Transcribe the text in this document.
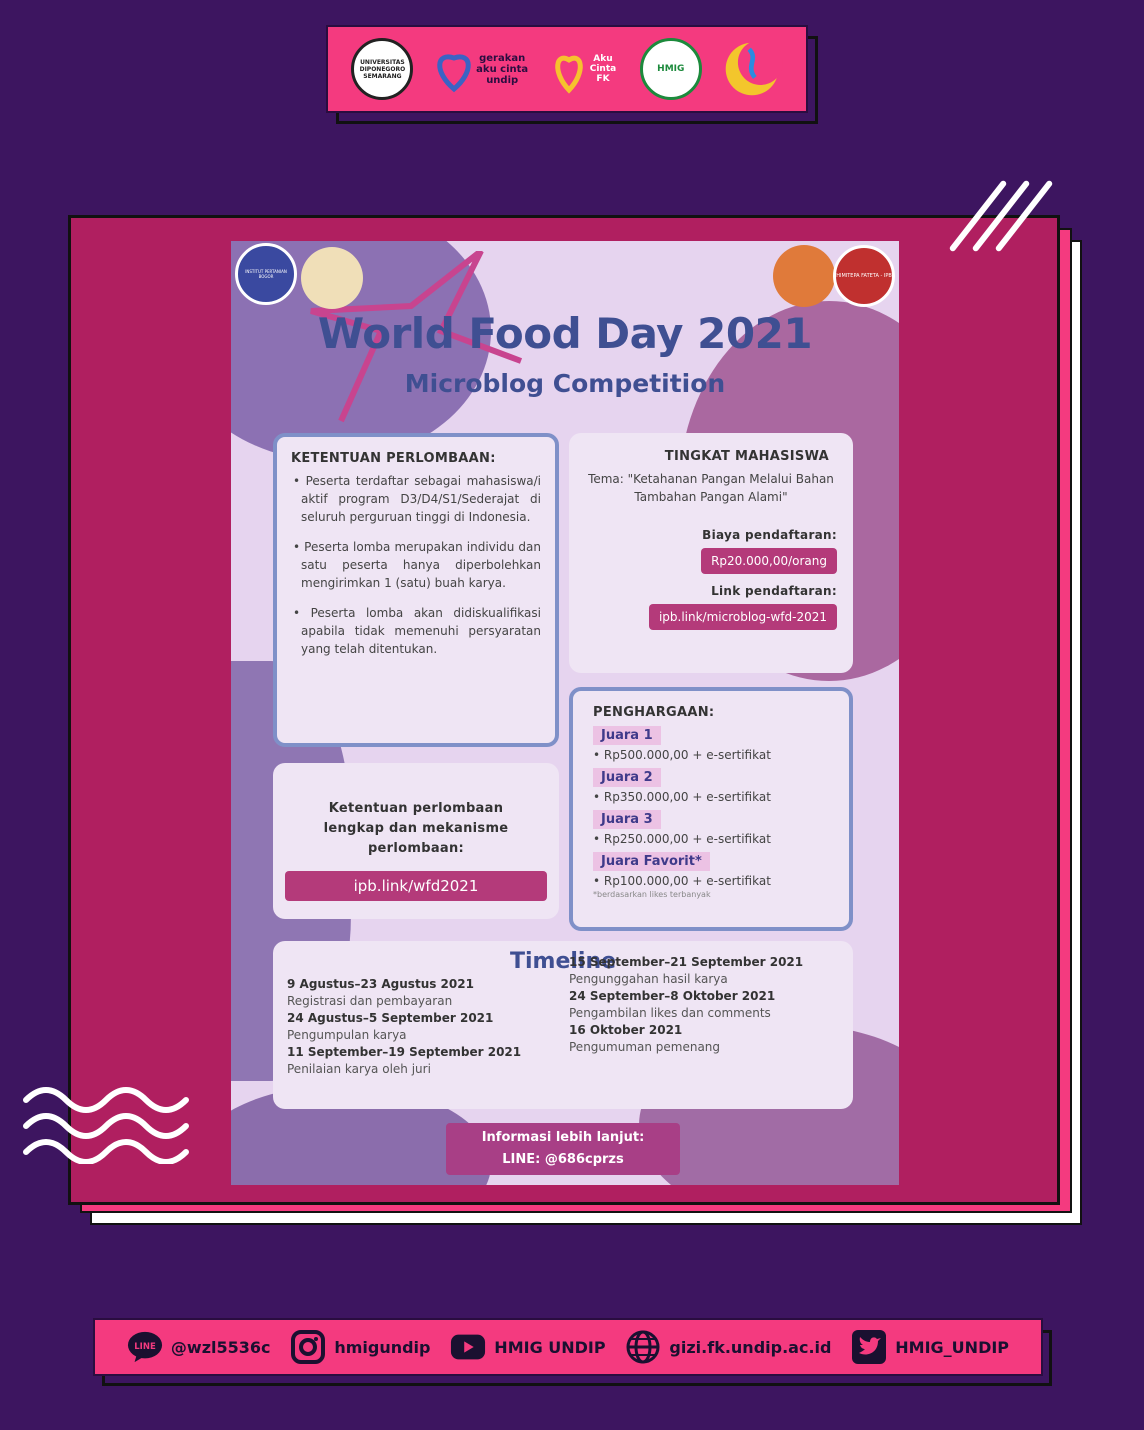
UNIVERSITAS DIPONEGORO SEMARANG
gerakan aku cinta undip
Aku Cinta FK
HMIG
INSTITUT PERTANIAN BOGOR	HIMITEPA FATETA - IPB
World Food Day 2021
Microblog Competition
KETENTUAN PERLOMBAAN:
• Peserta terdaftar sebagai mahasiswa/i aktif program D3/D4/S1/Sederajat di seluruh perguruan tinggi di Indonesia.
• Peserta lomba merupakan individu dan satu peserta hanya diperbolehkan mengirimkan 1 (satu) buah karya.
• Peserta lomba akan didiskualifikasi apabila tidak memenuhi persyaratan yang telah ditentukan.
TINGKAT MAHASISWA
Tema: "Ketahanan Pangan Melalui Bahan Tambahan Pangan Alami"
Biaya pendaftaran:
Rp20.000,00/orang
Link pendaftaran:
ipb.link/microblog-wfd-2021
Ketentuan perlombaan lengkap dan mekanisme perlombaan:
ipb.link/wfd2021
PENGHARGAAN:
Juara 1
• Rp500.000,00 + e-sertifikat
Juara 2
• Rp350.000,00 + e-sertifikat
Juara 3
• Rp250.000,00 + e-sertifikat
Juara Favorit*
• Rp100.000,00 + e-sertifikat
*berdasarkan likes terbanyak
Timeline
9 Agustus–23 Agustus 2021
Registrasi dan pembayaran
24 Agustus–5 September 2021
Pengumpulan karya
11 September–19 September 2021
Penilaian karya oleh juri
15 September–21 September 2021
Pengunggahan hasil karya
24 September–8 Oktober 2021
Pengambilan likes dan comments
16 Oktober 2021
Pengumuman pemenang
Informasi lebih lanjut:
LINE: @686cprzs
LINE @wzl5536c	hmigundip	HMIG UNDIP	gizi.fk.undip.ac.id	HMIG_UNDIP
